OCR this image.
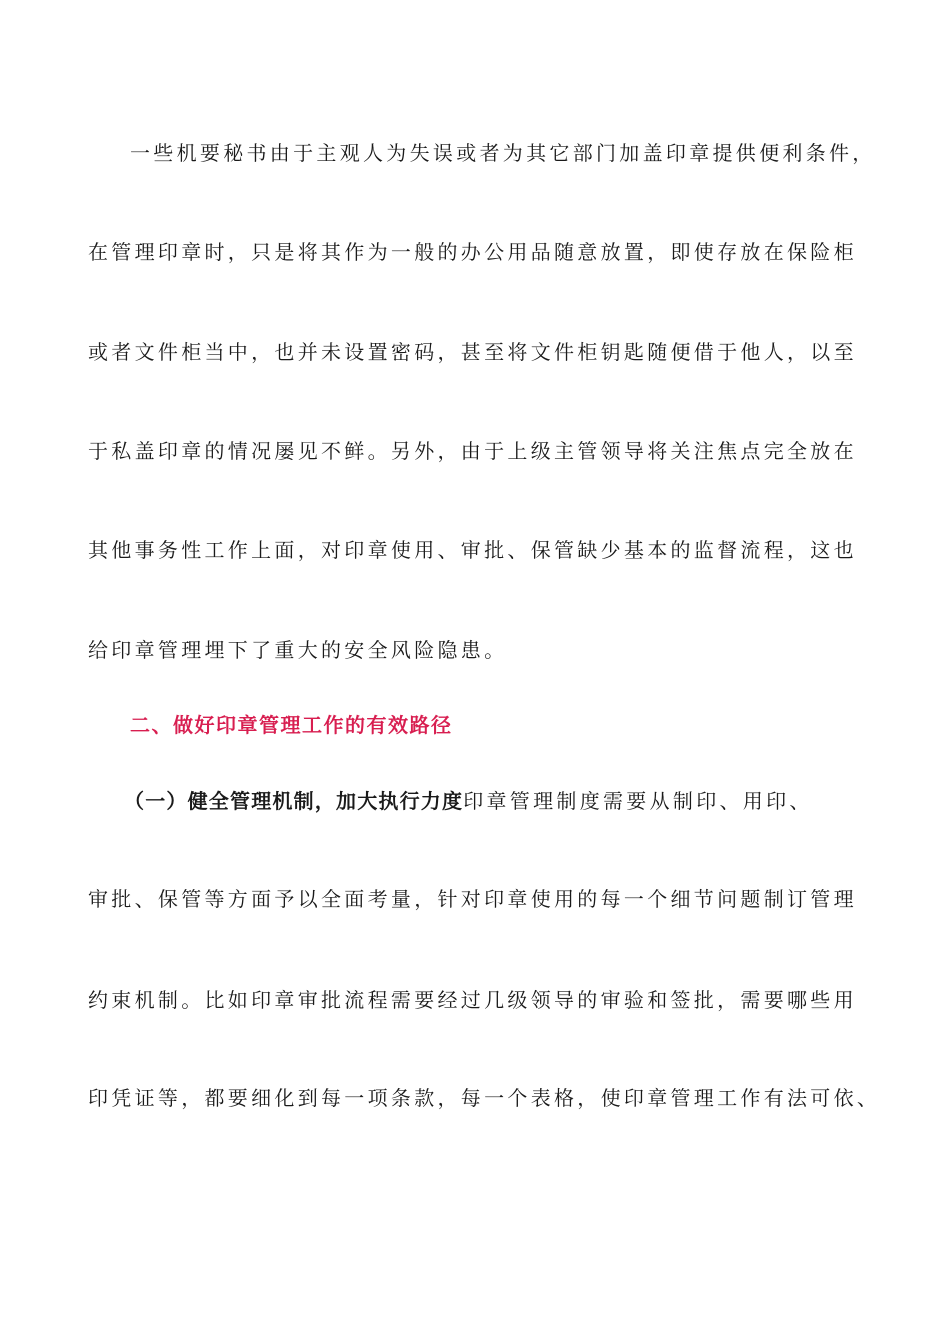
一些机要秘书由于主观人为失误或者为其它部门加盖印章提供便利条件，
在管理印章时，只是将其作为一般的办公用品随意放置，即使存放在保险柜
或者文件柜当中，也并未设置密码，甚至将文件柜钥匙随便借于他人，以至
于私盖印章的情况屡见不鲜。另外，由于上级主管领导将关注焦点完全放在
其他事务性工作上面，对印章使用、审批、保管缺少基本的监督流程，这也
给印章管理埋下了重大的安全风险隐患。
二、做好印章管理工作的有效路径
（一）健全管理机制，加大执行力度印章管理制度需要从制印、用印、
审批、保管等方面予以全面考量，针对印章使用的每一个细节问题制订管理
约束机制。比如印章审批流程需要经过几级领导的审验和签批，需要哪些用
印凭证等，都要细化到每一项条款，每一个表格，使印章管理工作有法可依、
